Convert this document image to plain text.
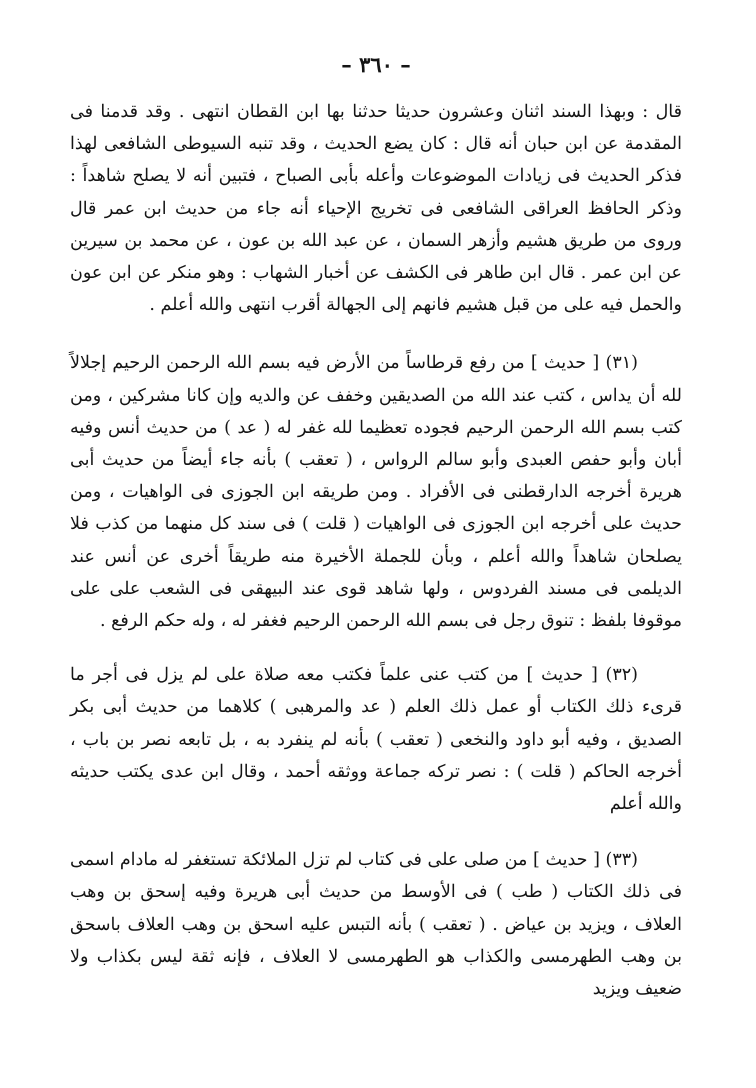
– ٣٦٠ –

قال : وبهذا السند اثنان وعشرون حديثا حدثنا بها ابن القطان انتهى . وقد قدمنا فى المقدمة عن ابن حبان أنه قال : كان يضع الحديث ، وقد تنبه السيوطى الشافعى لهذا فذكر الحديث فى زيادات الموضوعات وأعله بأبى الصباح ، فتبين أنه لا يصلح شاهداً : وذكر الحافظ العراقى الشافعى فى تخريج الإحياء أنه جاء من حديث ابن عمر قال وروى من طريق هشيم وأزهر السمان ، عن عبد الله بن عون ، عن محمد بن سيرين عن ابن عمر . قال ابن طاهر فى الكشف عن أخبار الشهاب : وهو منكر عن ابن عون والحمل فيه على من قبل هشيم فانهم إلى الجهالة أقرب انتهى والله أعلم .

(٣١) [ حديث ] من رفع قرطاساً من الأرض فيه بسم الله الرحمن الرحيم إجلالاً لله أن يداس ، كتب عند الله من الصديقين وخفف عن والديه وإن كانا مشركين ، ومن كتب بسم الله الرحمن الرحيم فجوده تعظيما لله غفر له ( عد ) من حديث أنس وفيه أبان وأبو حفص العبدى وأبو سالم الرواس ، ( تعقب ) بأنه جاء أيضاً من حديث أبى هريرة أخرجه الدارقطنى فى الأفراد . ومن طريقه ابن الجوزى فى الواهيات ، ومن حديث على أخرجه ابن الجوزى فى الواهيات ( قلت ) فى سند كل منهما من كذب فلا يصلحان شاهداً والله أعلم ، وبأن للجملة الأخيرة منه طريقاً أخرى عن أنس عند الديلمى فى مسند الفردوس ، ولها شاهد قوى عند البيهقى فى الشعب على على موقوفا بلفظ : تنوق رجل فى بسم الله الرحمن الرحيم فغفر له ، وله حكم الرفع .

(٣٢) [ حديث ] من كتب عنى علماً فكتب معه صلاة على لم يزل فى أجر ما قرىء ذلك الكتاب أو عمل ذلك العلم ( عد والمرهبى ) كلاهما من حديث أبى بكر الصديق ، وفيه أبو داود والنخعى ( تعقب ) بأنه لم ينفرد به ، بل تابعه نصر بن باب ، أخرجه الحاكم ( قلت ) : نصر تركه جماعة ووثقه أحمد ، وقال ابن عدى يكتب حديثه والله أعلم

(٣٣) [ حديث ] من صلى على فى كتاب لم تزل الملائكة تستغفر له مادام اسمى فى ذلك الكتاب ( طب ) فى الأوسط من حديث أبى هريرة وفيه إسحق بن وهب العلاف ، ويزيد بن عياض . ( تعقب ) بأنه التبس عليه اسحق بن وهب العلاف باسحق بن وهب الطهرمسى والكذاب هو الطهرمسى لا العلاف ، فإنه ثقة ليس بكذاب ولا ضعيف ويزيد
